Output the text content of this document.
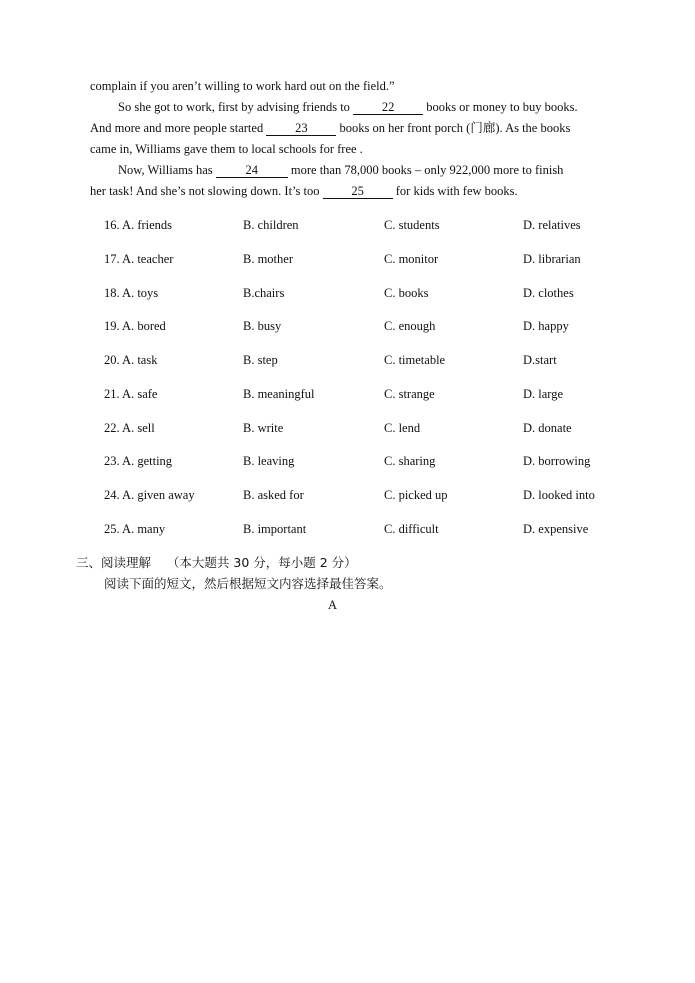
complain if you aren’t willing to work hard out on the field.”
So she got to work, first by advising friends to 22 books or money to buy books.
And more and more people started 23 books on her front porch (门廊). As the books
came in, Williams gave them to local schools for free .
Now, Williams has 24 more than 78,000 books – only 922,000 more to finish
her task! And she’s not slowing down. It’s too 25 for kids with few books.
16. A. friends	B. children	C. students	D. relatives
17. A. teacher	B. mother	C. monitor	D. librarian
18. A. toys	B.chairs	C. books	D. clothes
19. A. bored	B. busy	C. enough	D. happy
20. A. task	B. step	C. timetable	D.start
21. A. safe	B. meaningful	C. strange	D. large
22. A. sell	B. write	C. lend	D. donate
23. A. getting	B. leaving	C. sharing	D. borrowing
24. A. given away	B. asked for	C. picked up	D. looked into
25. A. many	B. important	C. difficult	D. expensive
三、阅读理解    （本大题共 30 分，每小题 2 分）
阅读下面的短文，然后根据短文内容选择最佳答案。
A
